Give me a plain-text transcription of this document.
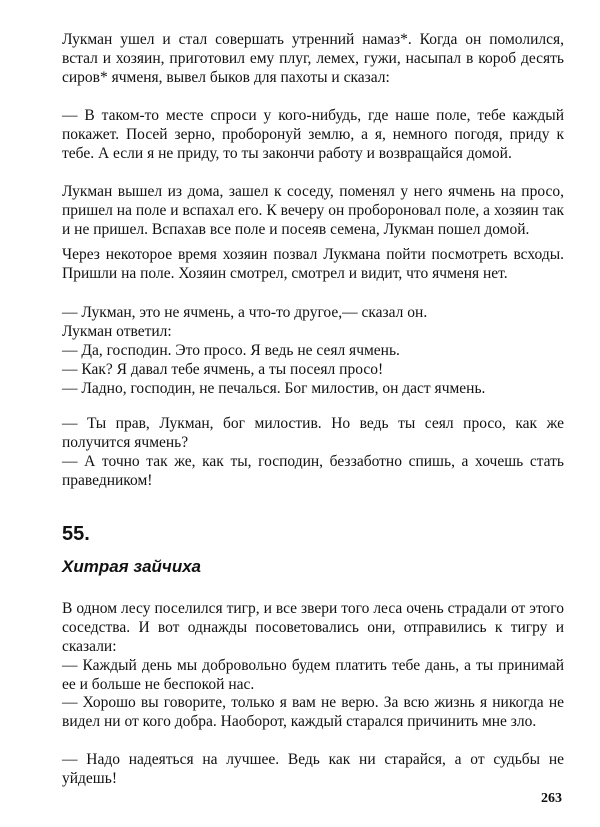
Лукман ушел и стал совершать утренний намаз*. Когда он помолился, встал и хозяин, приготовил ему плуг, лемех, гужи, насыпал в короб десять сиров* ячменя, вывел быков для пахоты и сказал:

— В таком-то месте спроси у кого-нибудь, где наше поле, тебе каждый покажет. Посей зерно, проборонуй землю, а я, немного погодя, приду к тебе. А если я не приду, то ты закончи работу и возвращайся домой.

Лукман вышел из дома, зашел к соседу, поменял у него ячмень на просо, пришел на поле и вспахал его. К вечеру он пробороновал поле, а хозяин так и не пришел. Вспахав все поле и посеяв семена, Лукман пошел домой.

Через некоторое время хозяин позвал Лукмана пойти посмотреть всходы. Пришли на поле. Хозяин смотрел, смотрел и видит, что ячменя нет.

— Лукман, это не ячмень, а что-то другое,— сказал он.

Лукман ответил:

— Да, господин. Это просо. Я ведь не сеял ячмень.

— Как? Я давал тебе ячмень, а ты посеял просо!

— Ладно, господин, не печалься. Бог милостив, он даст ячмень.

— Ты прав, Лукман, бог милостив. Но ведь ты сеял просо, как же получится ячмень?

— А точно так же, как ты, господин, беззаботно спишь, а хочешь стать праведником!

55.
Хитрая зайчиха

В одном лесу поселился тигр, и все звери того леса очень страдали от этого соседства. И вот однажды посоветовались они, отправились к тигру и сказали:

— Каждый день мы добровольно будем платить тебе дань, а ты принимай ее и больше не беспокой нас.

— Хорошо вы говорите, только я вам не верю. За всю жизнь я никогда не видел ни от кого добра. Наоборот, каждый старался причинить мне зло.

— Надо надеяться на лучшее. Ведь как ни старайся, а от судьбы не уйдешь!

263
